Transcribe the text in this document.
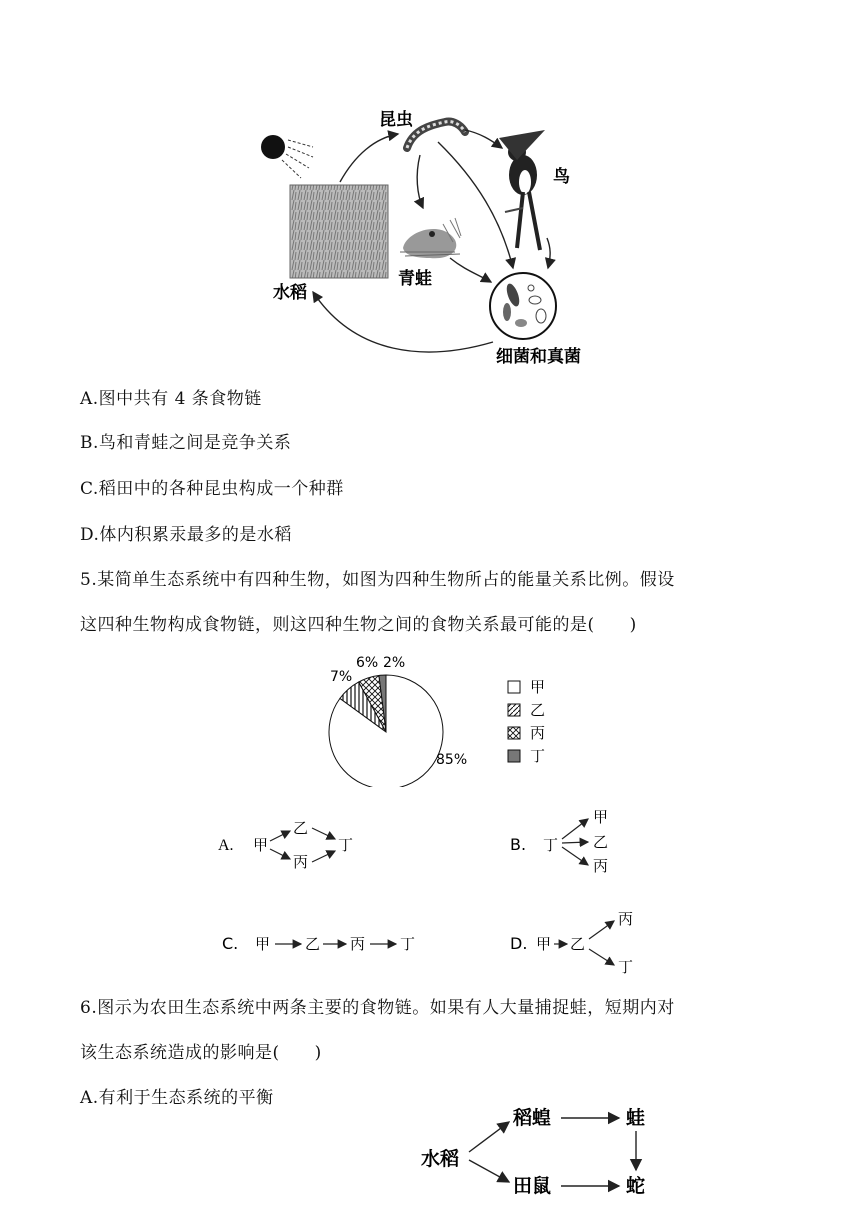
昆虫
鸟
青蛙
水稻
细菌和真菌
A.图中共有 4 条食物链
B.鸟和青蛙之间是竞争关系
C.稻田中的各种昆虫构成一个种群
D.体内积累汞最多的是水稻
5.某简单生态系统中有四种生物，如图为四种生物所占的能量关系比例。假设
这四种生物构成食物链，则这四种生物之间的食物关系最可能的是(　　)
85%
7%
6% 2%
甲
乙
丙
丁
A. 甲
乙
丙
丁	B. 丁
甲
乙
丙
C. 甲 乙 丙 丁	D. 甲 乙
丙
丁
6.图示为农田生态系统中两条主要的食物链。如果有人大量捕捉蛙，短期内对
该生态系统造成的影响是(　　)
A.有利于生态系统的平衡
水稻
稻蝗	蛙
田鼠	蛇
